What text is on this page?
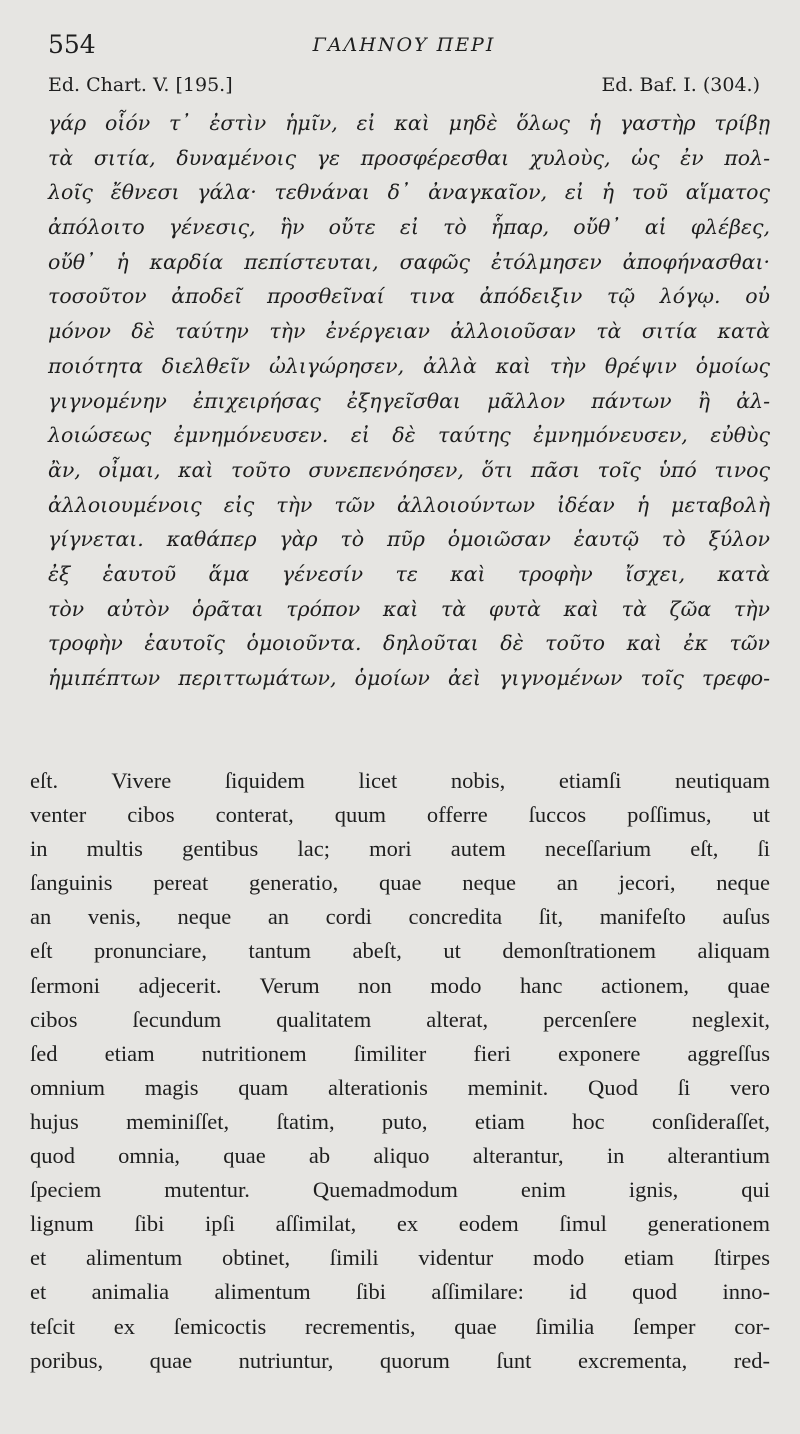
554	ΓΑΛΗΝΟΥ ΠΕΡΙ
Ed. Chart. V. [195.]	Ed. Baf. I. (304.)
γάρ οἷόν τ᾽ ἐστὶν ἡμῖν, εἰ καὶ μηδὲ ὅλως ἡ γαστὴρ τρίβῃ
τὰ σιτία, δυναμένοις γε προσφέρεσθαι χυλοὺς, ὡς ἐν πολ-
λοῖς ἔθνεσι γάλα· τεθνάναι δ᾽ ἀναγκαῖον, εἰ ἡ τοῦ αἵματος
ἀπόλοιτο γένεσις, ἣν οὔτε εἰ τὸ ἧπαρ, οὔθ᾽ αἱ φλέβες,
οὔθ᾽ ἡ καρδία πεπίστευται, σαφῶς ἐτόλμησεν ἀποφήνασθαι·
τοσοῦτον ἀποδεῖ προσθεῖναί τινα ἀπόδειξιν τῷ λόγῳ. οὐ
μόνον δὲ ταύτην τὴν ἐνέργειαν ἀλλοιοῦσαν τὰ σιτία κατὰ
ποιότητα διελθεῖν ὠλιγώρησεν, ἀλλὰ καὶ τὴν θρέψιν ὁμοίως
γιγνομένην ἐπιχειρήσας ἐξηγεῖσθαι μᾶλλον πάντων ἢ ἀλ-
λοιώσεως ἐμνημόνευσεν. εἰ δὲ ταύτης ἐμνημόνευσεν, εὐθὺς
ἂν, οἶμαι, καὶ τοῦτο συνεπενόησεν, ὅτι πᾶσι τοῖς ὑπό τινος
ἀλλοιουμένοις εἰς τὴν τῶν ἀλλοιούντων ἰδέαν ἡ μεταβολὴ
γίγνεται. καθάπερ γὰρ τὸ πῦρ ὁμοιῶσαν ἑαυτῷ τὸ ξύλον
ἐξ ἑαυτοῦ ἅμα γένεσίν τε καὶ τροφὴν ἴσχει, κατὰ
τὸν αὐτὸν ὁρᾶται τρόπον καὶ τὰ φυτὰ καὶ τὰ ζῶα τὴν
τροφὴν ἑαυτοῖς ὁμοιοῦντα. δηλοῦται δὲ τοῦτο καὶ ἐκ τῶν
ἡμιπέπτων περιττωμάτων, ὁμοίων ἀεὶ γιγνομένων τοῖς τρεφο-
eſt. Vivere ſiquidem licet nobis, etiamſi neutiquam
venter cibos conterat, quum offerre ſuccos poſſimus, ut
in multis gentibus lac; mori autem neceſſarium eſt, ſi
ſanguinis pereat generatio, quae neque an jecori, neque
an venis, neque an cordi concredita ſit, manifeſto auſus
eſt pronunciare, tantum abeſt, ut demonſtrationem aliquam
ſermoni adjecerit. Verum non modo hanc actionem, quae
cibos ſecundum qualitatem alterat, percenſere neglexit,
ſed etiam nutritionem ſimiliter fieri exponere aggreſſus
omnium magis quam alterationis meminit. Quod ſi vero
hujus meminiſſet, ſtatim, puto, etiam hoc conſideraſſet,
quod omnia, quae ab aliquo alterantur, in alterantium
ſpeciem mutentur. Quemadmodum enim ignis, qui
lignum ſibi ipſi aſſimilat, ex eodem ſimul generationem
et alimentum obtinet, ſimili videntur modo etiam ſtirpes
et animalia alimentum ſibi aſſimilare: id quod inno-
teſcit ex ſemicoctis recrementis, quae ſimilia ſemper cor-
poribus, quae nutriuntur, quorum ſunt excrementa, red-
